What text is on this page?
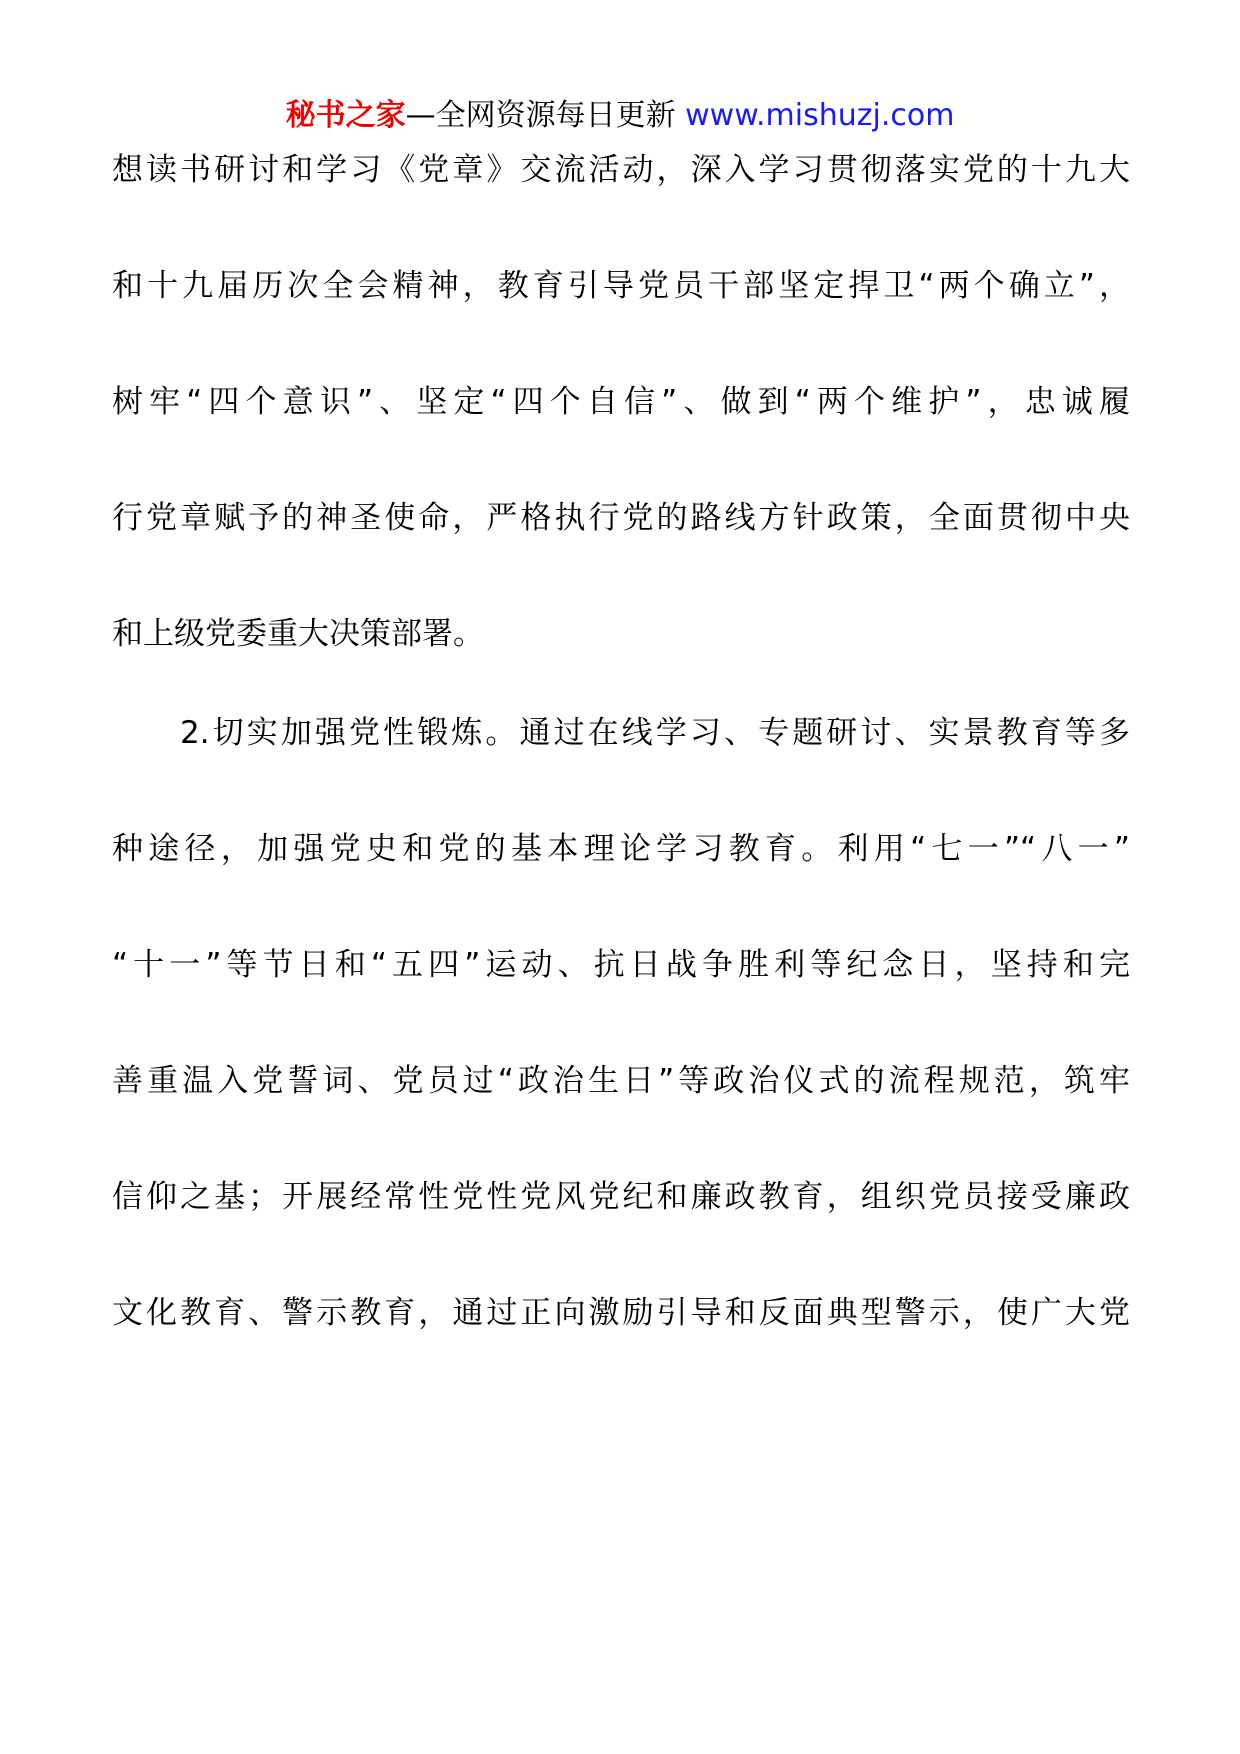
秘书之家—全网资源每日更新 www.mishuzj.com
想读书研讨和学习《党章》交流活动，深入学习贯彻落实党的十九大
和十九届历次全会精神，教育引导党员干部坚定捍卫“两个确立”，
树牢“四个意识”、坚定“四个自信”、做到“两个维护”，忠诚履
行党章赋予的神圣使命，严格执行党的路线方针政策，全面贯彻中央
和上级党委重大决策部署。
2.切实加强党性锻炼。通过在线学习、专题研讨、实景教育等多
种途径，加强党史和党的基本理论学习教育。利用“七一”“八一”
“十一”等节日和“五四”运动、抗日战争胜利等纪念日，坚持和完
善重温入党誓词、党员过“政治生日”等政治仪式的流程规范，筑牢
信仰之基；开展经常性党性党风党纪和廉政教育，组织党员接受廉政
文化教育、警示教育，通过正向激励引导和反面典型警示，使广大党
